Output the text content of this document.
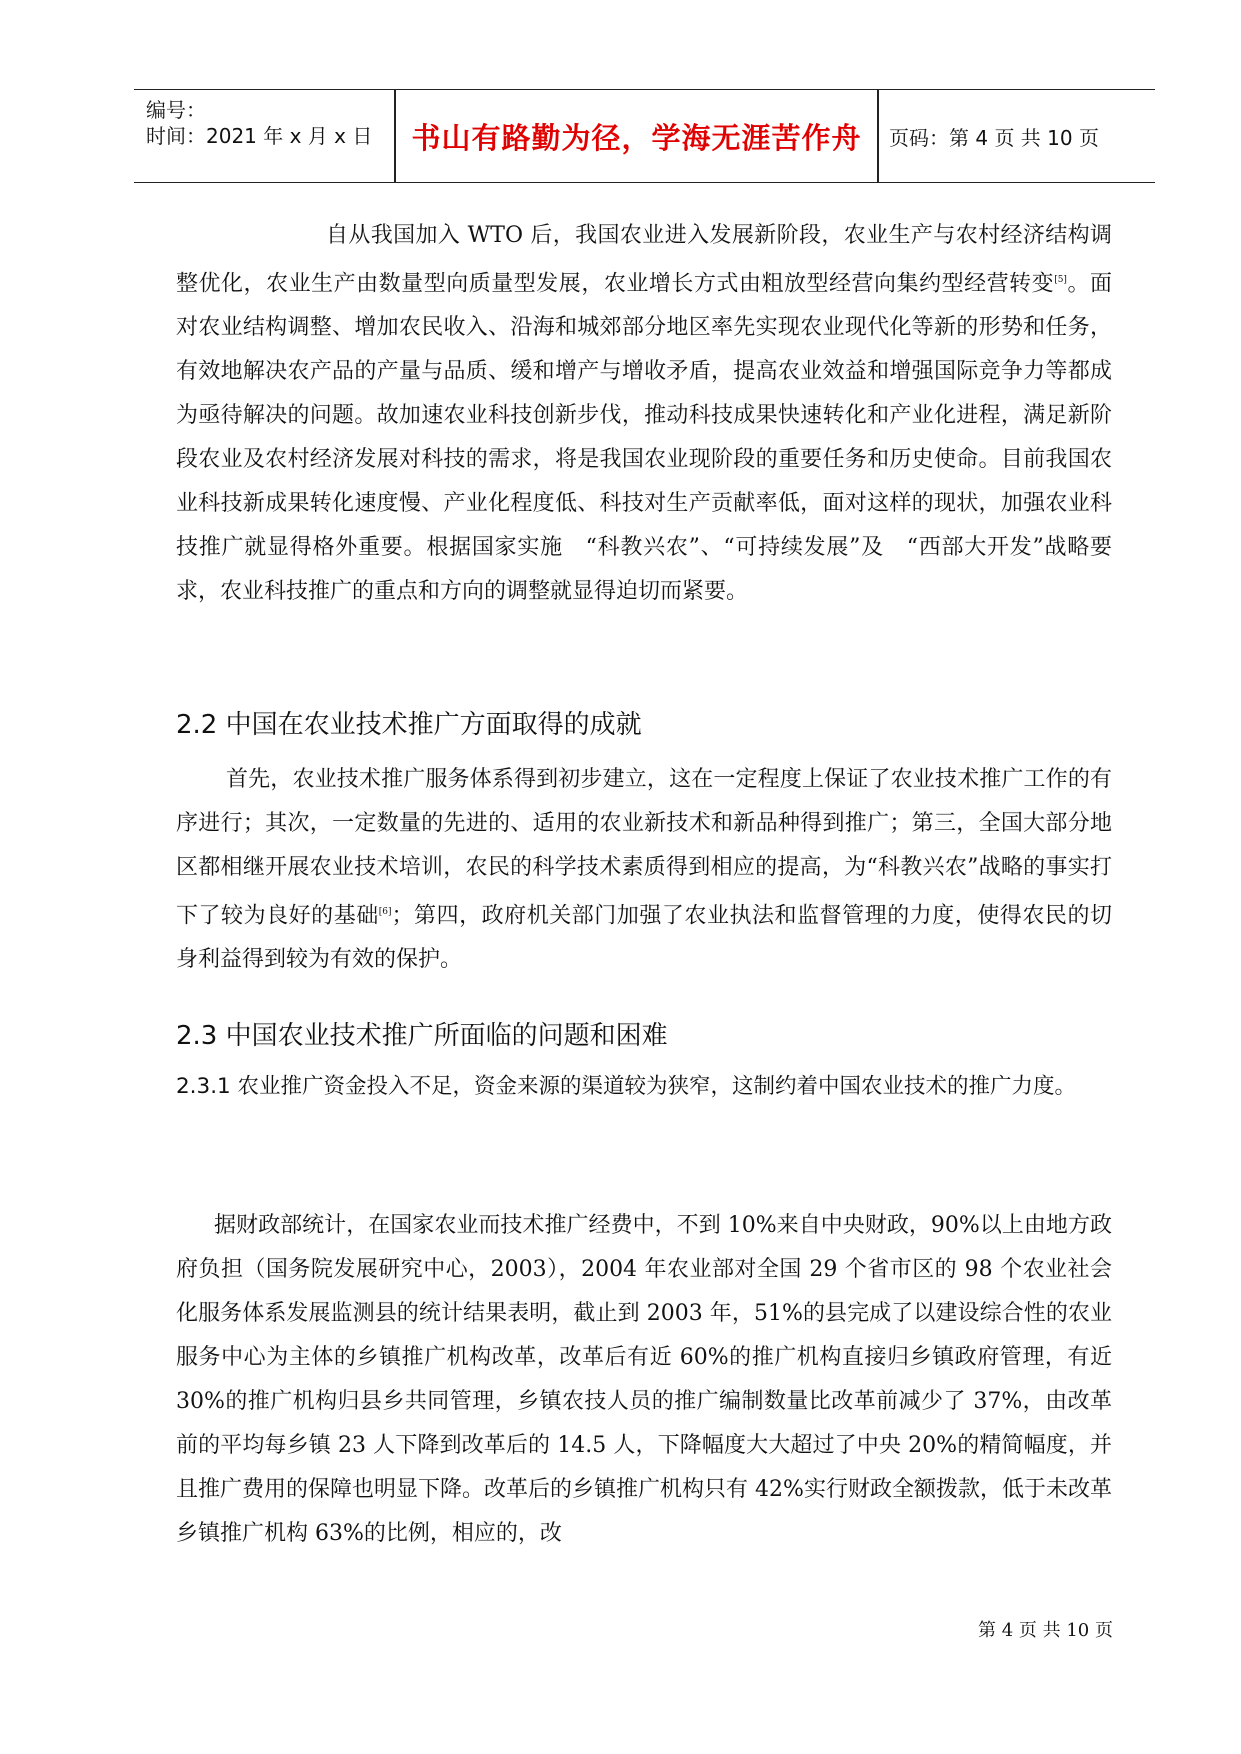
编号：
时间：2021 年 x 月 x 日	书山有路勤为径，学海无涯苦作舟	页码：第 4 页 共 10 页
自从我国加入 WTO 后，我国农业进入发展新阶段，农业生产与农村经济结构调整优化，农业生产由数量型向质量型发展，农业增长方式由粗放型经营向集约型经营转变[5]。面对农业结构调整、增加农民收入、沿海和城郊部分地区率先实现农业现代化等新的形势和任务，有效地解决农产品的产量与品质、缓和增产与增收矛盾，提高农业效益和增强国际竞争力等都成为亟待解决的问题。故加速农业科技创新步伐，推动科技成果快速转化和产业化进程，满足新阶段农业及农村经济发展对科技的需求，将是我国农业现阶段的重要任务和历史使命。目前我国农业科技新成果转化速度慢、产业化程度低、科技对生产贡献率低，面对这样的现状，加强农业科技推广就显得格外重要。根据国家实施　“科教兴农”、“可持续发展”及　“西部大开发”战略要求，农业科技推广的重点和方向的调整就显得迫切而紧要。
2.2 中国在农业技术推广方面取得的成就
首先，农业技术推广服务体系得到初步建立，这在一定程度上保证了农业技术推广工作的有序进行；其次，一定数量的先进的、适用的农业新技术和新品种得到推广；第三，全国大部分地区都相继开展农业技术培训，农民的科学技术素质得到相应的提高，为“科教兴农”战略的事实打下了较为良好的基础[6]；第四，政府机关部门加强了农业执法和监督管理的力度，使得农民的切身利益得到较为有效的保护。
2.3 中国农业技术推广所面临的问题和困难
2.3.1 农业推广资金投入不足，资金来源的渠道较为狭窄，这制约着中国农业技术的推广力度。
据财政部统计，在国家农业而技术推广经费中，不到 10%来自中央财政，90%以上由地方政府负担（国务院发展研究中心，2003），2004 年农业部对全国 29 个省市区的 98 个农业社会化服务体系发展监测县的统计结果表明，截止到 2003 年，51%的县完成了以建设综合性的农业服务中心为主体的乡镇推广机构改革，改革后有近 60%的推广机构直接归乡镇政府管理，有近 30%的推广机构归县乡共同管理，乡镇农技人员的推广编制数量比改革前减少了 37%，由改革前的平均每乡镇 23 人下降到改革后的 14.5 人，下降幅度大大超过了中央 20%的精简幅度，并且推广费用的保障也明显下降。改革后的乡镇推广机构只有 42%实行财政全额拨款，低于未改革乡镇推广机构 63%的比例，相应的，改
第 4 页 共 10 页
